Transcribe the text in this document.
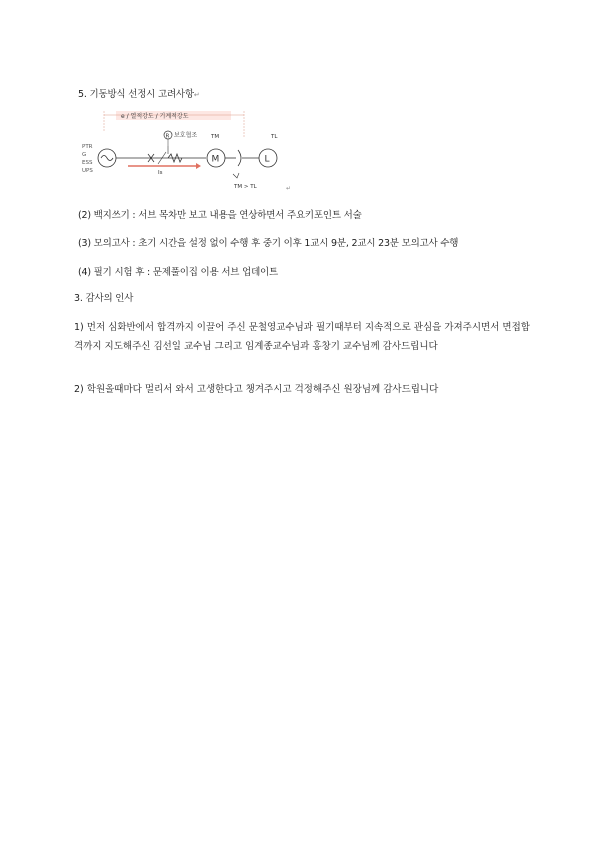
5. 기동방식 선정시 고려사항↵
e / 열적강도 / 기계적강도
R 보호협조	TM	TL
PTR
G
ESS
UPS	Is
M	L
TM > TL	↵
(2) 백지쓰기 : 서브 목차만 보고 내용을 연상하면서 주요키포인트 서술
(3) 모의고사 : 초기 시간을 설정 없이 수행 후 중기 이후 1교시 9분, 2교시 23분 모의고사 수행
(4) 필기 시험 후 : 문제풀이집 이용 서브 업데이트
3. 감사의 인사
1) 먼저 심화반에서 합격까지 이끌어 주신 문철영교수님과 필기때부터 지속적으로 관심을 가져주시면서 면접합격까지 지도해주신 김선일 교수님 그리고 임계종교수님과 홍창기 교수님께 감사드립니다
2) 학원올때마다 멀리서 와서 고생한다고 챙겨주시고 걱정해주신 원장님께 감사드립니다
